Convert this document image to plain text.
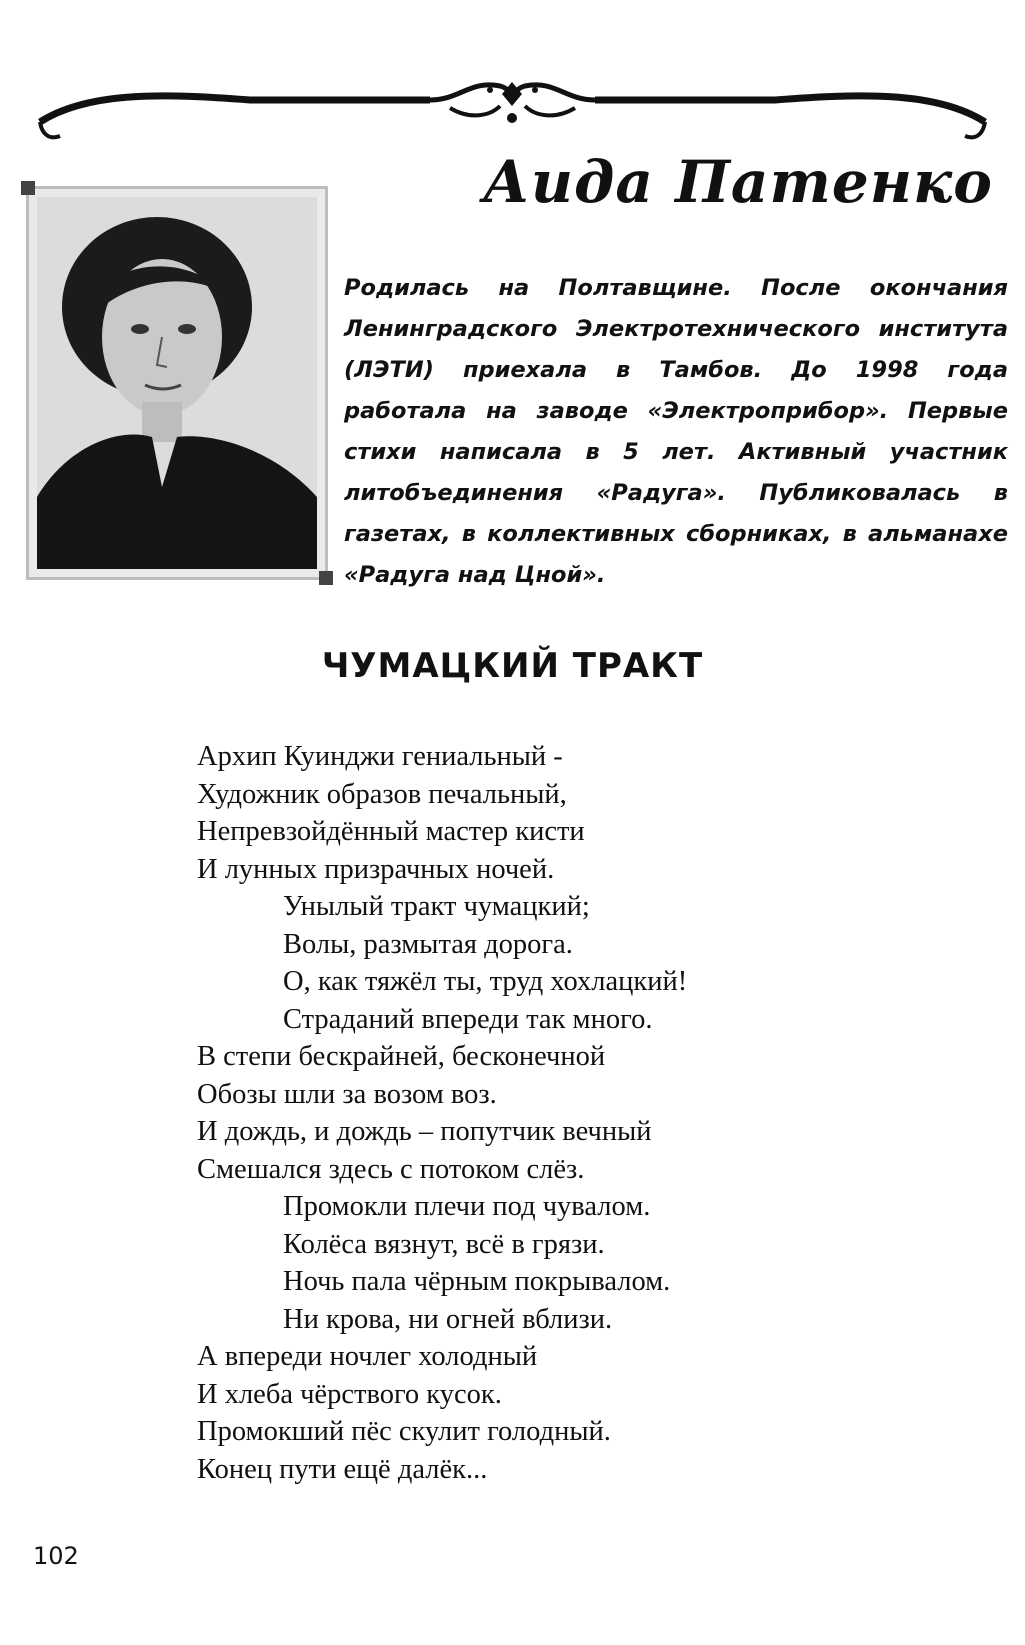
Аида Патенко

Родилась на Полтавщине. После окончания Ленинградского Электротехнического института (ЛЭТИ) приехала в Тамбов. До 1998 года работала на заводе «Электроприбор». Первые стихи написала в 5 лет. Активный участник литобъединения «Радуга». Публиковалась в газетах, в коллективных сборниках, в альманахе «Радуга над Цной».

ЧУМАЦКИЙ ТРАКТ
Архип Куинджи гениальный -
Художник образов печальный,
Непревзойдённый мастер кисти
И лунных призрачных ночей.
Унылый тракт чумацкий;
Волы, размытая дорога.
О, как тяжёл ты, труд хохлацкий!
Страданий впереди так много.
В степи бескрайней, бесконечной
Обозы шли за возом воз.
И дождь, и дождь – попутчик вечный
Смешался здесь с потоком слёз.
Промокли плечи под чувалом.
Колёса вязнут, всё в грязи.
Ночь пала чёрным покрывалом.
Ни крова, ни огней вблизи.
А впереди ночлег холодный
И хлеба чёрствого кусок.
Промокший пёс скулит голодный.
Конец пути ещё далёк...

102
